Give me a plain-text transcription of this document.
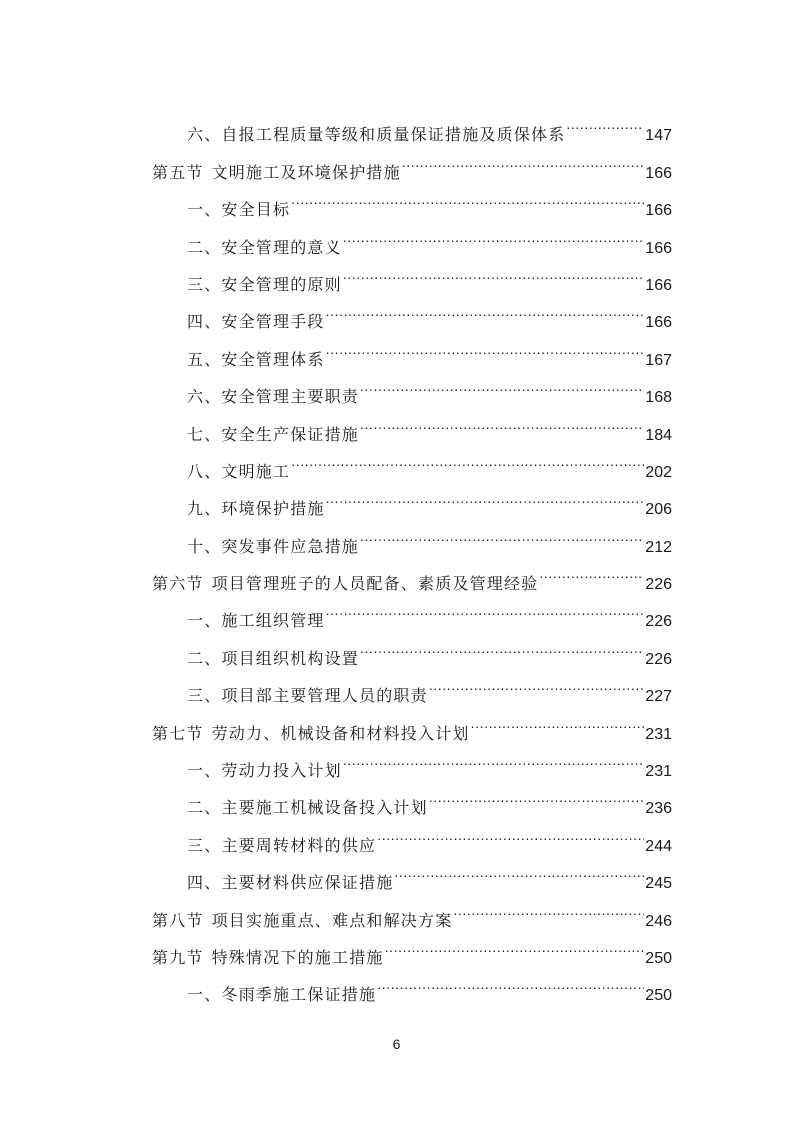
六、自报工程质量等级和质量保证措施及质保体系 .....	147
第五节 文明施工及环境保护措施 .....	166
一、安全目标 .....	166
二、安全管理的意义 .....	166
三、安全管理的原则 .....	166
四、安全管理手段 .....	166
五、安全管理体系 .....	167
六、安全管理主要职责 .....	168
七、安全生产保证措施 .....	184
八、文明施工 .....	202
九、环境保护措施 .....	206
十、突发事件应急措施 .....	212
第六节 项目管理班子的人员配备、素质及管理经验 .....	226
一、施工组织管理 .....	226
二、项目组织机构设置 .....	226
三、项目部主要管理人员的职责 .....	227
第七节 劳动力、机械设备和材料投入计划 .....	231
一、劳动力投入计划 .....	231
二、主要施工机械设备投入计划 .....	236
三、主要周转材料的供应 .....	244
四、主要材料供应保证措施 .....	245
第八节 项目实施重点、难点和解决方案 .....	246
第九节 特殊情况下的施工措施 .....	250
一、冬雨季施工保证措施 .....	250
6
